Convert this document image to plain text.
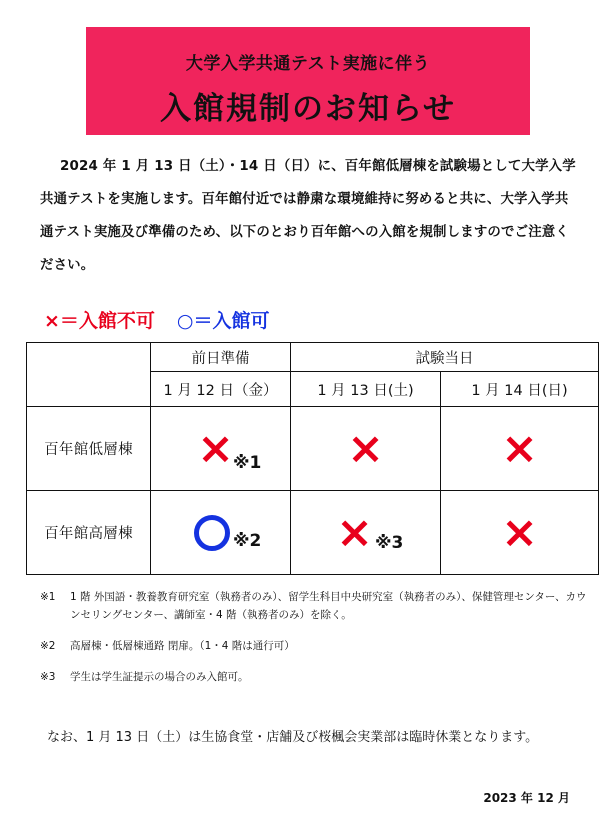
大学入学共通テスト実施に伴う
入館規制のお知らせ
2024 年 1 月 13 日（土）・14 日（日）に、百年館低層棟を試験場として大学入学共通テストを実施します。百年館付近では静粛な環境維持に努めると共に、大学入学共通テスト実施及び準備のため、以下のとおり百年館への入館を規制しますのでご注意ください。
×＝入館不可 ○＝入館可
	前日準備	試験当日	
	1 月 12 日（金）	1 月 13 日(土)	1 月 14 日(日)
百年館低層棟	× ※1	×	×
百年館高層棟	※2	× ※3	×
※1	1 階 外国語・教養教育研究室（執務者のみ）、留学生科目中央研究室（執務者のみ）、保健管理センター、カウンセリングセンター、講師室・4 階（執務者のみ）を除く。
※2	高層棟・低層棟通路 閉扉。（1・4 階は通行可）
※3	学生は学生証提示の場合のみ入館可。
なお、1 月 13 日（土）は生協食堂・店舗及び桜楓会実業部は臨時休業となります。
2023 年 12 月
